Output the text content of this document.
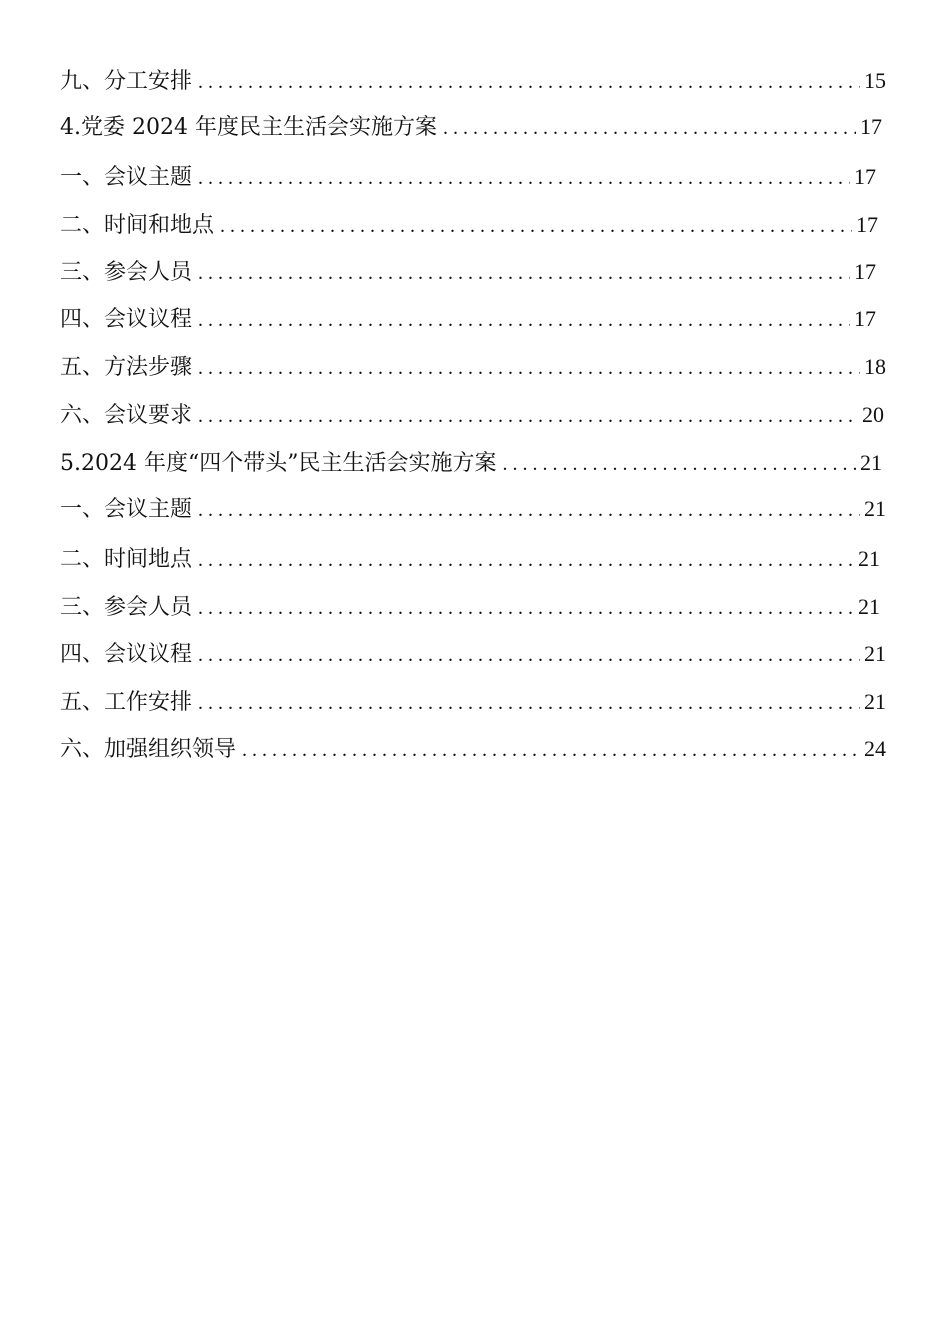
九、分工安排 . . .	15
4.党委 2024 年度民主生活会实施方案 . . .	17
一、会议主题 . . .	17
二、时间和地点 . . .	17
三、参会人员 . . .	17
四、会议议程 . . .	17
五、方法步骤 . . .	18
六、会议要求 . . .	20
5.2024 年度“四个带头”民主生活会实施方案 . . .	21
一、会议主题 . . .	21
二、时间地点 . . .	21
三、参会人员 . . .	21
四、会议议程 . . .	21
五、工作安排 . . .	21
六、加强组织领导 . . .	24
